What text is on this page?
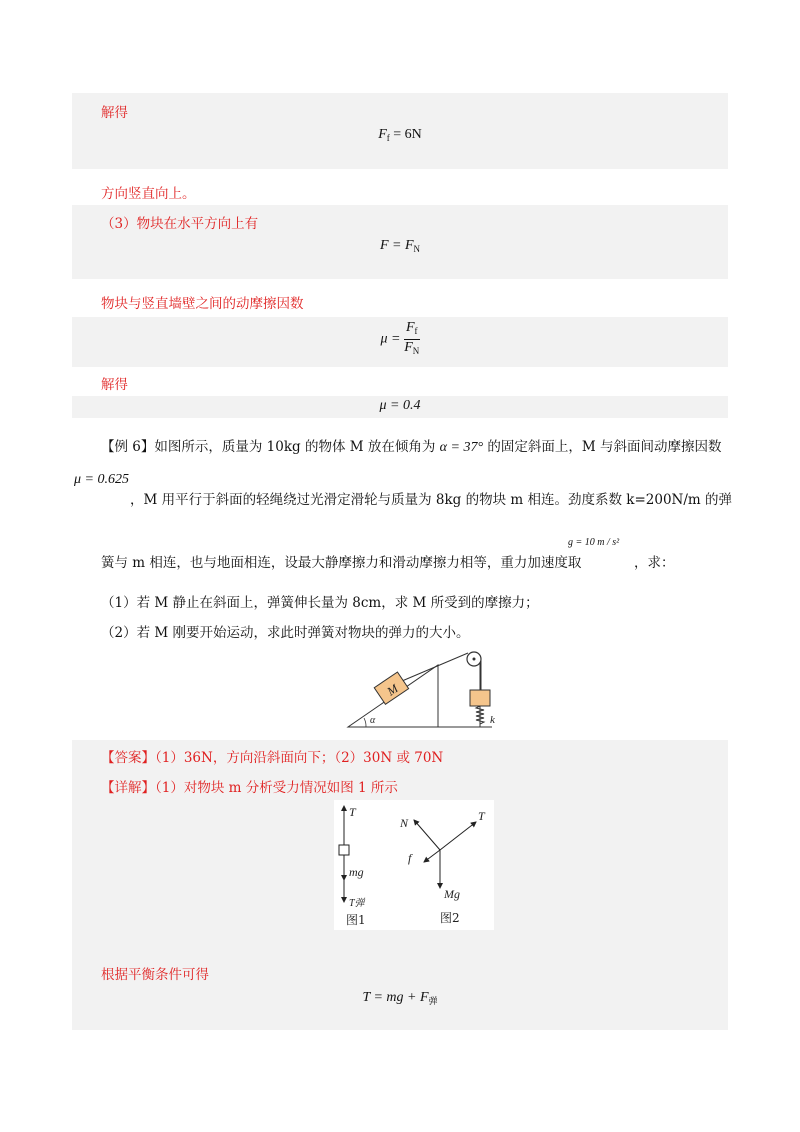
解得
$F_f = 6N$
方向竖直向上。
（3）物块在水平方向上有
$F = F_N$
物块与竖直墙壁之间的动摩擦因数
$\mu = \frac{F_f}{F_N}$
解得
μ = 0.4
【例 6】如图所示，质量为 10kg 的物体 M 放在倾角为 α = 37° 的固定斜面上，M 与斜面间动摩擦因数
μ = 0.625
，M 用平行于斜面的轻绳绕过光滑定滑轮与质量为 8kg 的物块 m 相连。劲度系数 k=200N/m 的弹
簧与 m 相连，也与地面相连，设最大静摩擦力和滑动摩擦力相等，重力加速度取
g = 10 m / s²
，求：
（1）若 M 静止在斜面上，弹簧伸长量为 8cm，求 M 所受到的摩擦力；
（2）若 M 刚要开始运动，求此时弹簧对物块的弹力的大小。
M
k
α
【答案】（1）36N，方向沿斜面向下；（2）30N 或 70N
【详解】（1）对物块 m 分析受力情况如图 1 所示
T
mg
T弹
图1
N	T
f
Mg
图2
根据平衡条件可得
T = mg + $F_弹$
